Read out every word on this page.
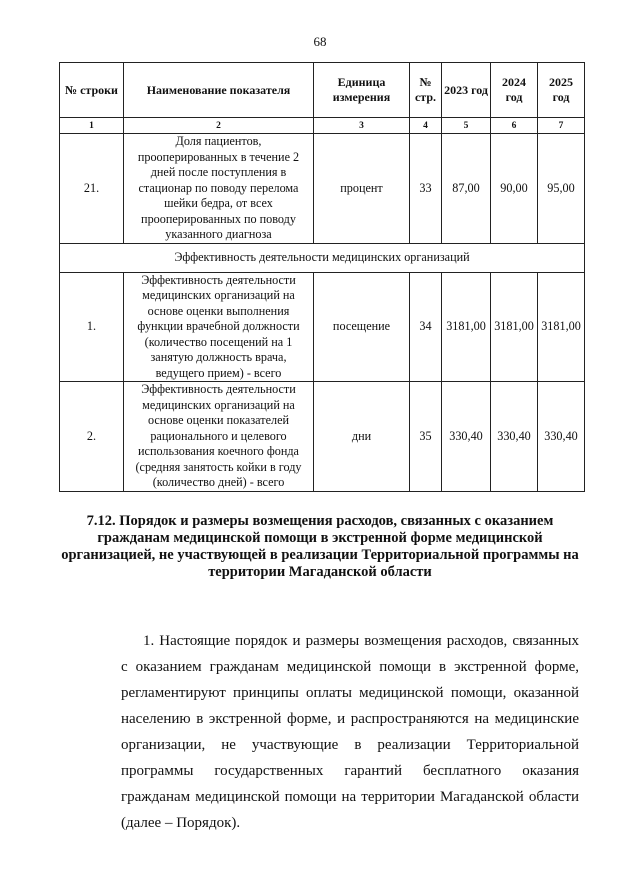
68
№ строки	Наименование показателя	Единица измерения	№ стр.	2023 год	2024 год	2025 год
1	2	3	4	5	6	7
21.	Доля пациентов, прооперированных в течение 2 дней после поступления в стационар по поводу перелома шейки бедра, от всех прооперированных по поводу указанного диагноза	процент	33	87,00	90,00	95,00
Эффективность деятельности медицинских организаций						
1.	Эффективность деятельности медицинских организаций на основе оценки выполнения функции врачебной должности (количество посещений на 1 занятую должность врача, ведущего прием) - всего	посещение	34	3181,00	3181,00	3181,00
2.	Эффективность деятельности медицинских организаций на основе оценки показателей рационального и целевого использования коечного фонда (средняя занятость койки в году (количество дней) - всего	дни	35	330,40	330,40	330,40
7.12. Порядок и размеры возмещения расходов, связанных с оказанием гражданам медицинской помощи в экстренной форме медицинской организацией, не участвующей в реализации Территориальной программы на территории Магаданской области

1. Настоящие порядок и размеры возмещения расходов, связанных с оказанием гражданам медицинской помощи в экстренной форме, регламентируют принципы оплаты медицинской помощи, оказанной населению в экстренной форме, и распространяются на медицинские организации, не участвующие в реализации Территориальной программы государственных гарантий бесплатного оказания гражданам медицинской помощи на территории Магаданской области (далее – Порядок).
